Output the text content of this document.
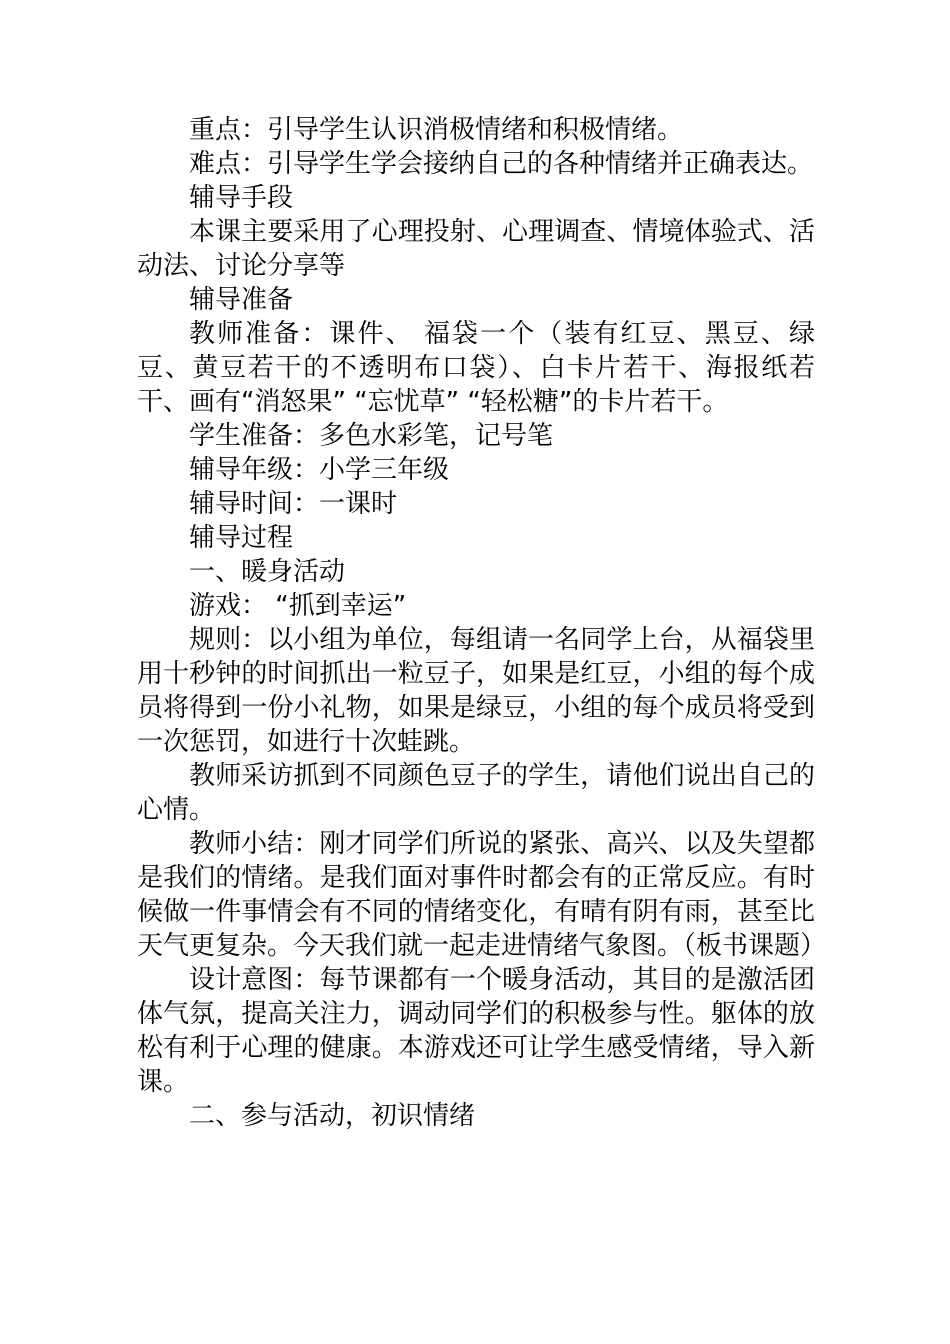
重点：引导学生认识消极情绪和积极情绪。

难点：引导学生学会接纳自己的各种情绪并正确表达。

辅导手段

本课主要采用了心理投射、心理调查、情境体验式、活动法、讨论分享等

辅导准备

教师准备：课件、 福袋一个（装有红豆、黑豆、绿豆、黄豆若干的不透明布口袋）、白卡片若干、海报纸若干、画有“消怒果” “忘忧草” “轻松糖”的卡片若干。

学生准备：多色水彩笔，记号笔

辅导年级：小学三年级

辅导时间：一课时

辅导过程

一、暖身活动

游戏： “抓到幸运”

规则：以小组为单位，每组请一名同学上台，从福袋里用十秒钟的时间抓出一粒豆子，如果是红豆，小组的每个成员将得到一份小礼物，如果是绿豆，小组的每个成员将受到一次惩罚，如进行十次蛙跳。

教师采访抓到不同颜色豆子的学生，请他们说出自己的心情。

教师小结：刚才同学们所说的紧张、高兴、以及失望都是我们的情绪。是我们面对事件时都会有的正常反应。有时候做一件事情会有不同的情绪变化，有晴有阴有雨，甚至比天气更复杂。今天我们就一起走进情绪气象图。（板书课题）

设计意图：每节课都有一个暖身活动，其目的是激活团体气氛，提高关注力，调动同学们的积极参与性。躯体的放松有利于心理的健康。本游戏还可让学生感受情绪，导入新课。

二、参与活动，初识情绪
